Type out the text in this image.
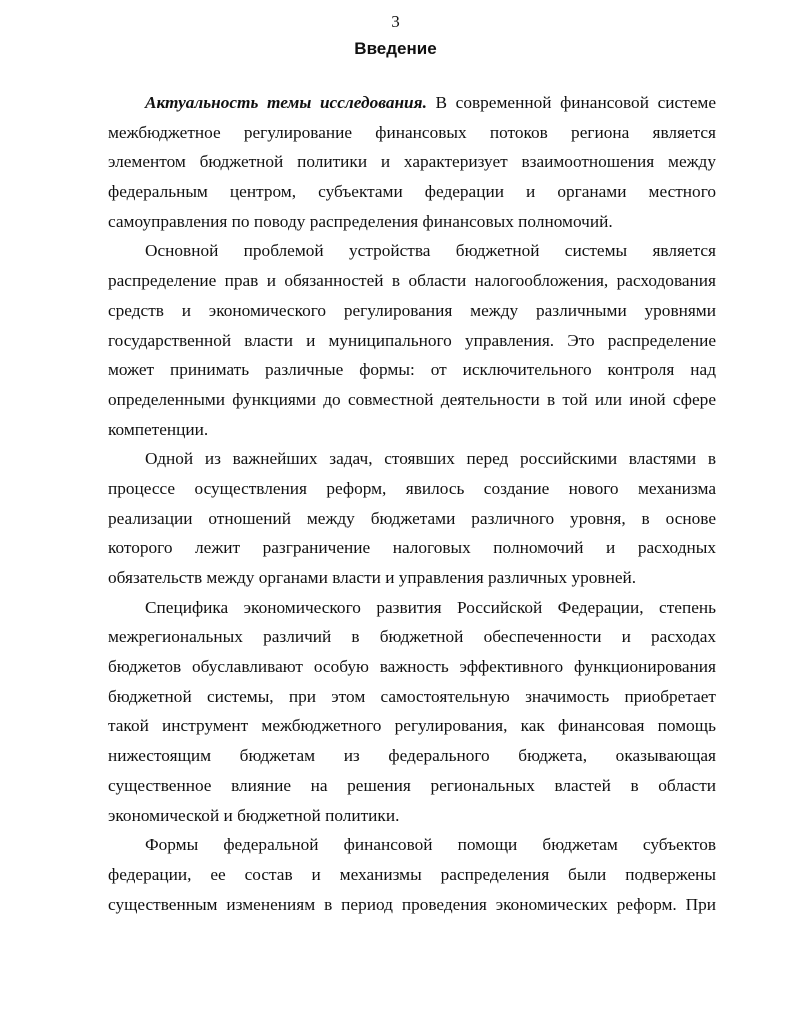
3
Введение
Актуальность темы исследования. В современной финансовой системе
межбюджетное регулирование финансовых потоков региона является
элементом бюджетной политики и характеризует взаимоотношения между
федеральным центром, субъектами федерации и органами местного
самоуправления по поводу распределения финансовых полномочий.
Основной проблемой устройства бюджетной системы является
распределение прав и обязанностей в области налогообложения, расходования
средств и экономического регулирования между различными уровнями
государственной власти и муниципального управления. Это распределение
может принимать различные формы: от исключительного контроля над
определенными функциями до совместной деятельности в той или иной сфере
компетенции.
Одной из важнейших задач, стоявших перед российскими властями в
процессе осуществления реформ, явилось создание нового механизма
реализации отношений между бюджетами различного уровня, в основе
которого лежит разграничение налоговых полномочий и расходных
обязательств между органами власти и управления различных уровней.
Специфика экономического развития Российской Федерации, степень
межрегиональных различий в бюджетной обеспеченности и расходах
бюджетов обуславливают особую важность эффективного функционирования
бюджетной системы, при этом самостоятельную значимость приобретает
такой инструмент межбюджетного регулирования, как финансовая помощь
нижестоящим бюджетам из федерального бюджета, оказывающая
существенное влияние на решения региональных властей в области
экономической и бюджетной политики.
Формы федеральной финансовой помощи бюджетам субъектов
федерации, ее состав и механизмы распределения были подвержены
существенным изменениям в период проведения экономических реформ. При
